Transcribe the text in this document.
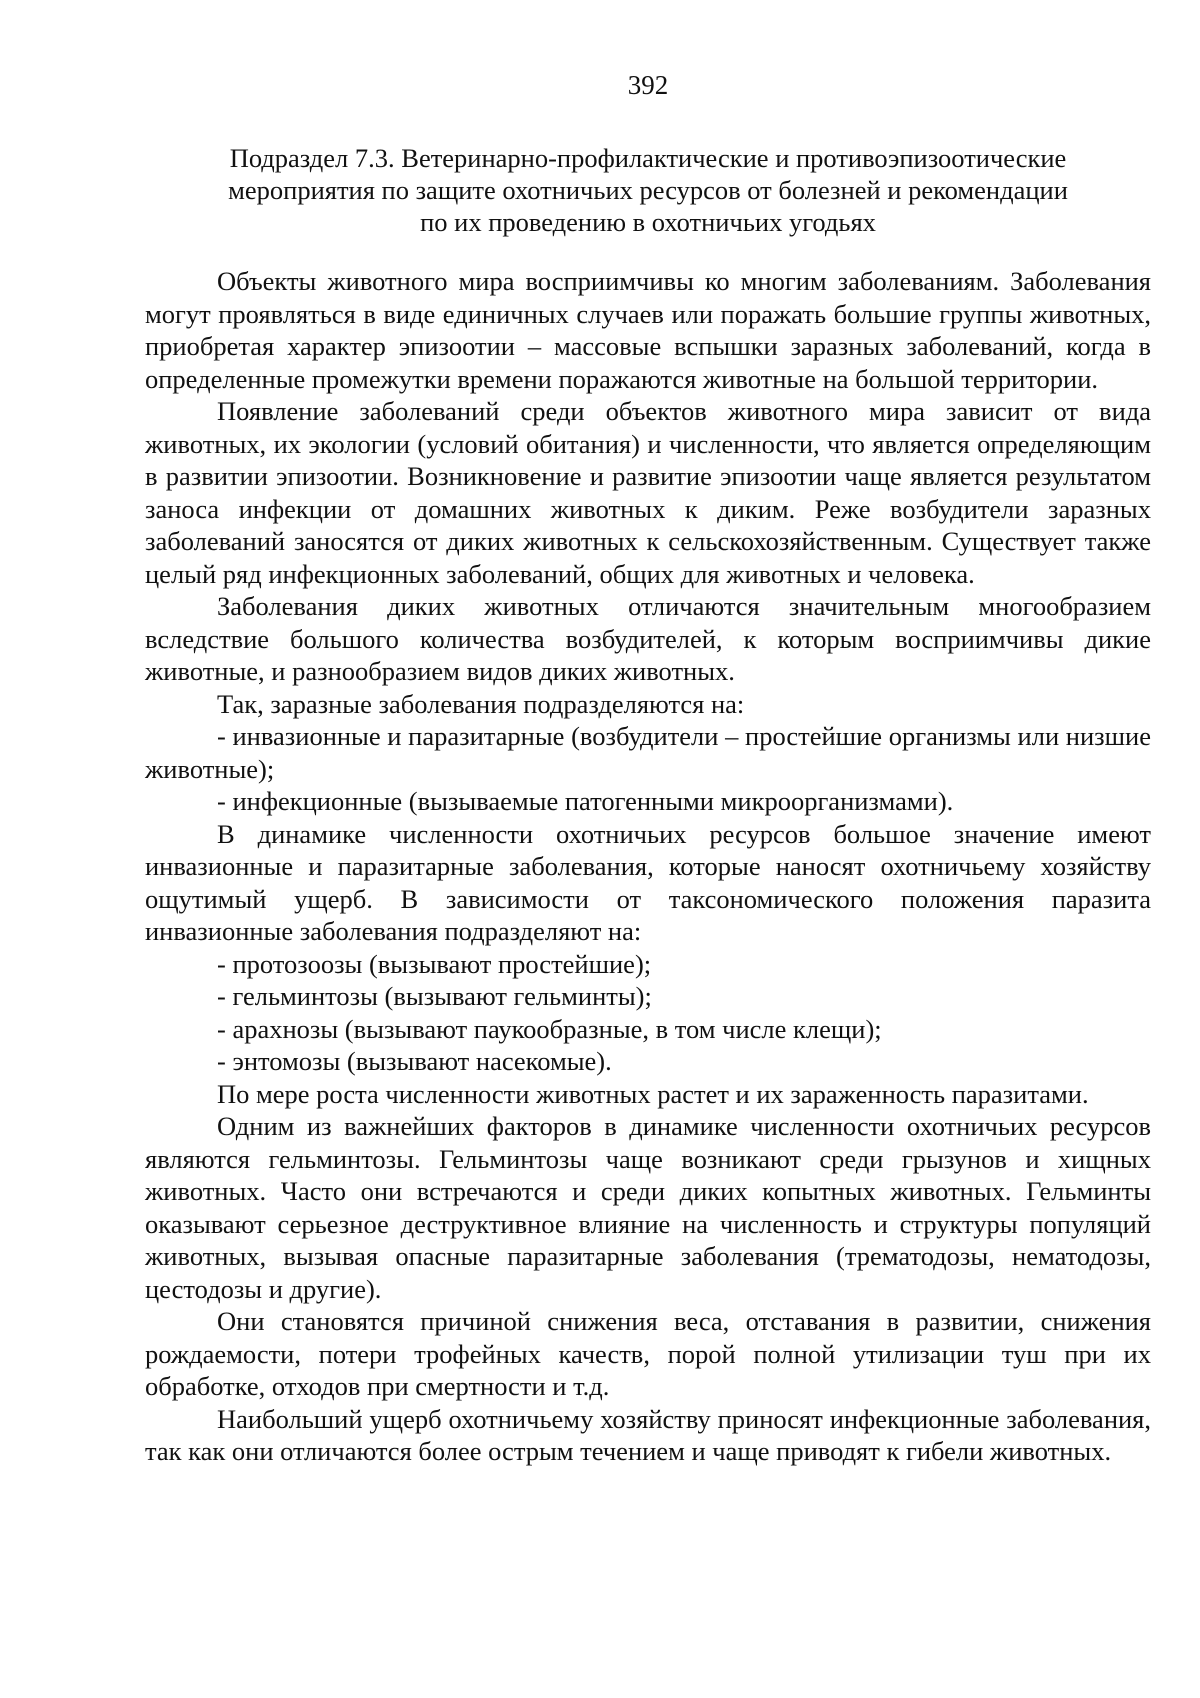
392
Подраздел 7.3. Ветеринарно-профилактические и противоэпизоотические
мероприятия по защите охотничьих ресурсов от болезней и рекомендации
по их проведению в охотничьих угодьях

Объекты животного мира восприимчивы ко многим заболеваниям. Заболевания могут проявляться в виде единичных случаев или поражать большие группы животных, приобретая характер эпизоотии – массовые вспышки заразных заболеваний, когда в определенные промежутки времени поражаются животные на большой территории.

Появление заболеваний среди объектов животного мира зависит от вида животных, их экологии (условий обитания) и численности, что является определяющим в развитии эпизоотии. Возникновение и развитие эпизоотии чаще является результатом заноса инфекции от домашних животных к диким. Реже возбудители заразных заболеваний заносятся от диких животных к сельскохозяйственным. Существует также целый ряд инфекционных заболеваний, общих для животных и человека.

Заболевания диких животных отличаются значительным многообразием вследствие большого количества возбудителей, к которым восприимчивы дикие животные, и разнообразием видов диких животных.

Так, заразные заболевания подразделяются на:

- инвазионные и паразитарные (возбудители – простейшие организмы или низшие животные);

- инфекционные (вызываемые патогенными микроорганизмами).

В динамике численности охотничьих ресурсов большое значение имеют инвазионные и паразитарные заболевания, которые наносят охотничьему хозяйству ощутимый ущерб. В зависимости от таксономического положения паразита инвазионные заболевания подразделяют на:

- протозоозы (вызывают простейшие);

- гельминтозы (вызывают гельминты);

- арахнозы (вызывают паукообразные, в том числе клещи);

- энтомозы (вызывают насекомые).

По мере роста численности животных растет и их зараженность паразитами.

Одним из важнейших факторов в динамике численности охотничьих ресурсов являются гельминтозы. Гельминтозы чаще возникают среди грызунов и хищных животных. Часто они встречаются и среди диких копытных животных. Гельминты оказывают серьезное деструктивное влияние на численность и структуры популяций животных, вызывая опасные паразитарные заболевания (трематодозы, нематодозы, цестодозы и другие).

Они становятся причиной снижения веса, отставания в развитии, снижения рождаемости, потери трофейных качеств, порой полной утилизации туш при их обработке, отходов при смертности и т.д.

Наибольший ущерб охотничьему хозяйству приносят инфекционные заболевания, так как они отличаются более острым течением и чаще приводят к гибели животных.
